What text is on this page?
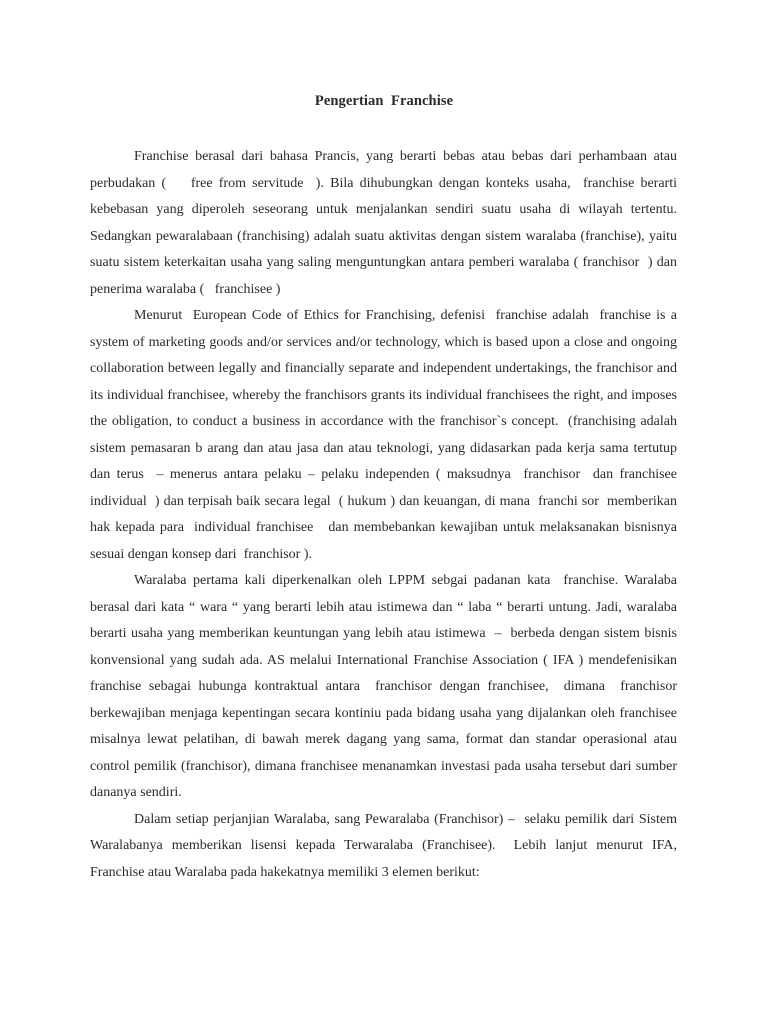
Pengertian  Franchise

Franchise berasal dari bahasa Prancis, yang berarti bebas atau bebas dari perhambaan atau perbudakan (    free from servitude  ). Bila dihubungkan dengan konteks usaha,  franchise berarti kebebasan yang diperoleh seseorang untuk menjalankan sendiri suatu usaha di wilayah tertentu.  Sedangkan pewaralabaan (franchising) adalah suatu aktivitas dengan sistem waralaba (franchise), yaitu suatu sistem keterkaitan usaha yang saling menguntungkan antara pemberi waralaba ( franchisor  ) dan penerima waralaba (   franchisee )

Menurut  European Code of Ethics for Franchising, defenisi  franchise adalah  franchise is a system of marketing goods and/or services and/or technology, which is based upon a close and ongoing collaboration between legally and financially separate and independent undertakings, the franchisor and its individual franchisee, whereby the franchisors grants its individual franchisees the right, and imposes the obligation, to conduct a business in accordance with the franchisor`s concept.  (franchising adalah sistem pemasaran b arang dan atau jasa dan atau teknologi, yang didasarkan pada kerja sama tertutup dan terus  – menerus antara pelaku – pelaku independen ( maksudnya  franchisor  dan franchisee  individual  ) dan terpisah baik secara legal  ( hukum ) dan keuangan, di mana  franchi sor  memberikan hak kepada para  individual franchisee   dan membebankan kewajiban untuk melaksanakan bisnisnya sesuai dengan konsep dari  franchisor ).

Waralaba pertama kali diperkenalkan oleh LPPM sebgai padanan kata  franchise. Waralaba berasal dari kata “ wara “ yang berarti lebih atau istimewa dan “ laba “ berarti untung. Jadi, waralaba berarti usaha yang memberikan keuntungan yang lebih atau istimewa  –  berbeda dengan sistem bisnis konvensional yang sudah ada. AS melalui International Franchise Association ( IFA ) mendefenisikan franchise sebagai hubunga kontraktual antara  franchisor dengan franchisee,  dimana  franchisor  berkewajiban menjaga kepentingan secara kontiniu pada bidang usaha yang dijalankan oleh franchisee  misalnya lewat pelatihan, di bawah merek dagang yang sama, format dan standar operasional atau control pemilik (franchisor), dimana franchisee menanamkan investasi pada usaha tersebut dari sumber dananya sendiri.

Dalam setiap perjanjian Waralaba, sang Pewaralaba (Franchisor) –  selaku pemilik dari Sistem Waralabanya memberikan lisensi kepada Terwaralaba (Franchisee).  Lebih lanjut menurut IFA,  Franchise atau Waralaba pada hakekatnya memiliki 3 elemen berikut:
